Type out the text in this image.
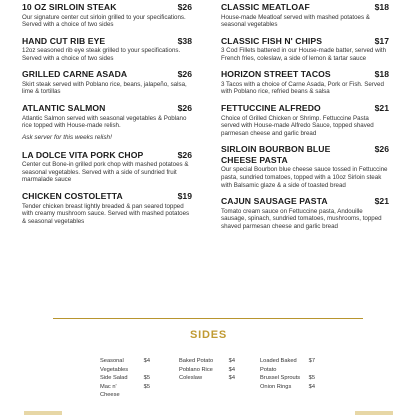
10 OZ SIRLOIN STEAK	$26
Our signature center cut sirloin grilled to your specifications. Served with a choice of two sides
HAND CUT RIB EYE	$38
12oz seasoned rib eye steak grilled to your specifications. Served with a choice of two sides
GRILLED CARNE ASADA	$26
Skirt steak served with Poblano rice, beans, jalapeño, salsa, lime & tortillas
ATLANTIC SALMON	$26
Atlantic Salmon served with seasonal vegetables & Poblano rice topped with House-made relish.
Ask server for this weeks relish!
LA DOLCE VITA PORK CHOP	$26
Center cut Bone-in grilled pork chop with mashed potatoes & seasonal vegetables. Served with a side of sundried fruit marmalade sauce
CHICKEN COSTOLETTA	$19
Tender chicken breast lightly breaded & pan seared topped with creamy mushroom sauce. Served with mashed potatoes & seasonal vegetables
CLASSIC MEATLOAF	$18
House-made Meatloaf served with mashed potatoes & seasonal vegetables
CLASSIC FISH N' CHIPS	$17
3 Cod Fillets battered in our House-made batter, served with French fries, coleslaw, a side of lemon & tartar sauce
HORIZON STREET TACOS	$18
3 Tacos with a choice of Carne Asada, Pork or Fish. Served with Poblano rice, refried beans & salsa
FETTUCCINE ALFREDO	$21
Choice of Grilled Chicken or Shrimp. Fettuccine Pasta served with House-made Alfredo Sauce, topped shaved parmesan cheese and garlic bread
SIRLOIN BOURBON BLUE CHEESE PASTA
$26
Our special Bourbon blue cheese sauce tossed in Fettuccine pasta, sundried tomatoes, topped with a 10oz Sirloin steak with Balsamic glaze & a side of toasted bread
CAJUN SAUSAGE PASTA	$21
Tomato cream sauce on Fettuccine pasta, Andouille sausage, spinach, sundried tomatoes, mushrooms, topped shaved parmesan cheese and garlic bread
SIDES
Seasonal Vegetables
$4
Side Salad	$5
Mac n' Cheese
$5
Baked Potato	$4
Poblano Rice	$4
Coleslaw	$4
Loaded Baked Potato
$7
Brussel Sprouts $5
Onion Rings	$4
